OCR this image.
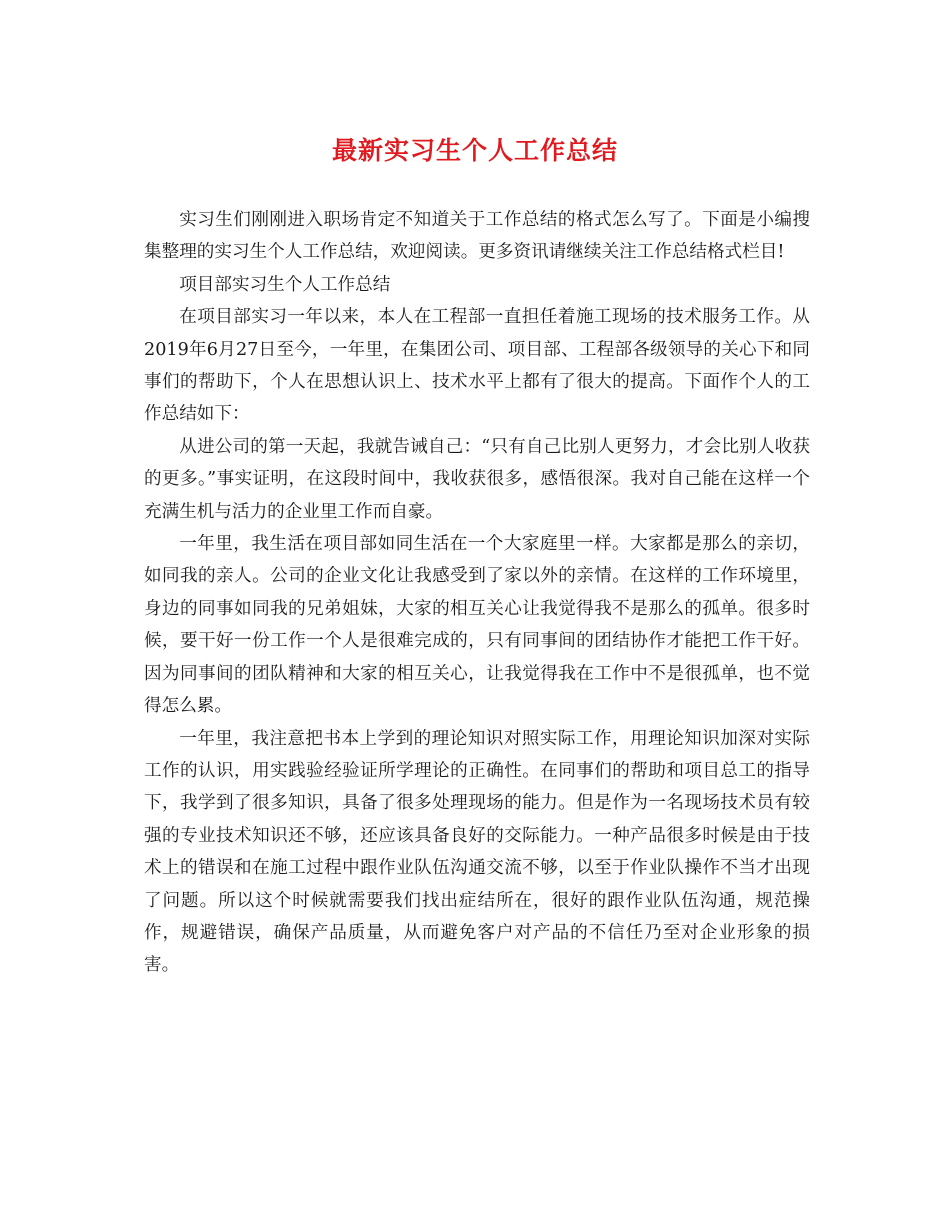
最新实习生个人工作总结

实习生们刚刚进入职场肯定不知道关于工作总结的格式怎么写了。下面是小编搜集整理的实习生个人工作总结，欢迎阅读。更多资讯请继续关注工作总结格式栏目!

项目部实习生个人工作总结

在项目部实习一年以来，本人在工程部一直担任着施工现场的技术服务工作。从2019年6月27日至今，一年里，在集团公司、项目部、工程部各级领导的关心下和同事们的帮助下，个人在思想认识上、技术水平上都有了很大的提高。下面作个人的工作总结如下：

从进公司的第一天起，我就告诫自己：“只有自己比别人更努力，才会比别人收获的更多。”事实证明，在这段时间中，我收获很多，感悟很深。我对自己能在这样一个充满生机与活力的企业里工作而自豪。

一年里，我生活在项目部如同生活在一个大家庭里一样。大家都是那么的亲切，如同我的亲人。公司的企业文化让我感受到了家以外的亲情。在这样的工作环境里，身边的同事如同我的兄弟姐妹，大家的相互关心让我觉得我不是那么的孤单。很多时候，要干好一份工作一个人是很难完成的，只有同事间的团结协作才能把工作干好。因为同事间的团队精神和大家的相互关心，让我觉得我在工作中不是很孤单，也不觉得怎么累。

一年里，我注意把书本上学到的理论知识对照实际工作，用理论知识加深对实际工作的认识，用实践验经验证所学理论的正确性。在同事们的帮助和项目总工的指导下，我学到了很多知识，具备了很多处理现场的能力。但是作为一名现场技术员有较强的专业技术知识还不够，还应该具备良好的交际能力。一种产品很多时候是由于技术上的错误和在施工过程中跟作业队伍沟通交流不够，以至于作业队操作不当才出现了问题。所以这个时候就需要我们找出症结所在，很好的跟作业队伍沟通，规范操作，规避错误，确保产品质量，从而避免客户对产品的不信任乃至对企业形象的损害。
